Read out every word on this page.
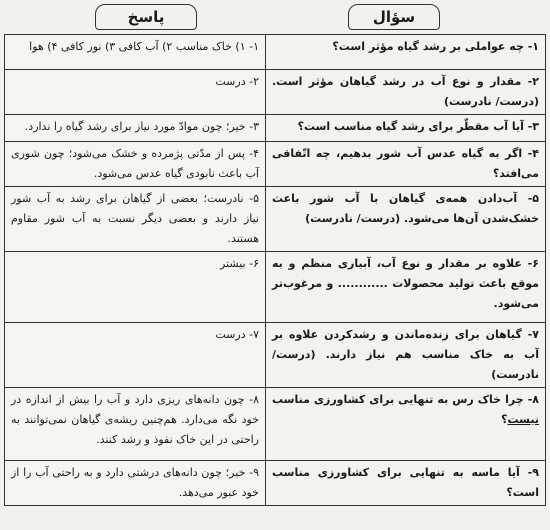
سؤال
پاسخ
۱- چه عواملی بر رشد گیاه مؤثر است؟	۱- ۱) خاک مناسب ۲) آب کافی ۳) نور کافی ۴) هوا
۲- مقدار و نوع آب در رشد گیاهان مؤثر است. (درست/ نادرست)	۲- درست
۳- آیا آب مقطّر برای رشد گیاه مناسب است؟	۳- خیر؛ چون موادّ مورد نیاز برای رشد گیاه را ندارد.
۴- اگر به گیاه عدس آب شور بدهیم، چه اتّفاقی می‌افتد؟	۴- پس از مدّتی پژمرده و خشک می‌شود؛ چون شوری آب باعث نابودی گیاه عدس می‌شود.
۵- آب‌دادن همه‌ی گیاهان با آب شور باعث خشک‌شدن آن‌ها می‌شود. (درست/ نادرست)	۵- نادرست؛ بعضی از گیاهان برای رشد به آب شور نیاز دارند و بعضی دیگر نسبت به آب شور مقاوم هستند.
۶- علاوه بر مقدار و نوع آب، آبیاری منظم و به موقع باعث تولید محصولات ............ و مرغوب‌تر می‌شود.	۶- بیشتر
۷- گیاهان برای زنده‌ماندن و رشدکردن علاوه بر آب به خاک مناسب هم نیاز دارند. (درست/ نادرست)	۷- درست
۸- چرا خاک رس به تنهایی برای کشاورزی مناسب نیست؟	۸- چون دانه‌های ریزی دارد و آب را بیش از اندازه در خود نگه می‌دارد. هم‌چنین ریشه‌ی گیاهان نمی‌توانند به راحتی در این خاک نفوذ و رشد کنند.
۹- آیا ماسه به تنهایی برای کشاورزی مناسب است؟	۹- خیر؛ چون دانه‌های درشتی دارد و به راحتی آب را از خود عبور می‌دهد.
